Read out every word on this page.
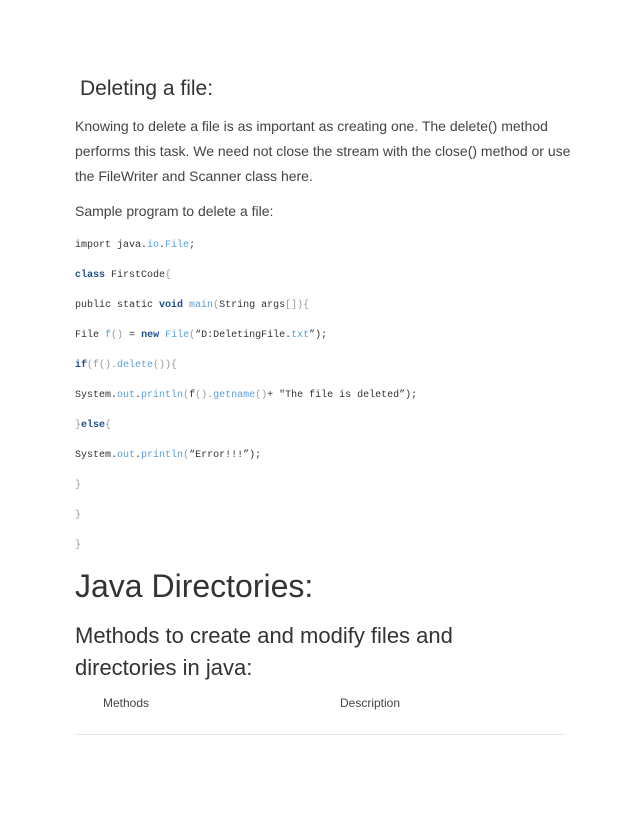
Deleting a file:

Knowing to delete a file is as important as creating one. The delete() method performs this task. We need not close the stream with the close() method or use the FileWriter and Scanner class here.

Sample program to delete a file:

import java.io.File;
class FirstCode{
public static void main(String args[]){
File f() = new File(“D:DeletingFile.txt”);
if(f().delete()){
System.out.println(f().getname()+ "The file is deleted”);
}else{
System.out.println(“Error!!!”);
}
}
}
Java Directories:
Methods to create and modify files and directories in java:
Methods	Description
